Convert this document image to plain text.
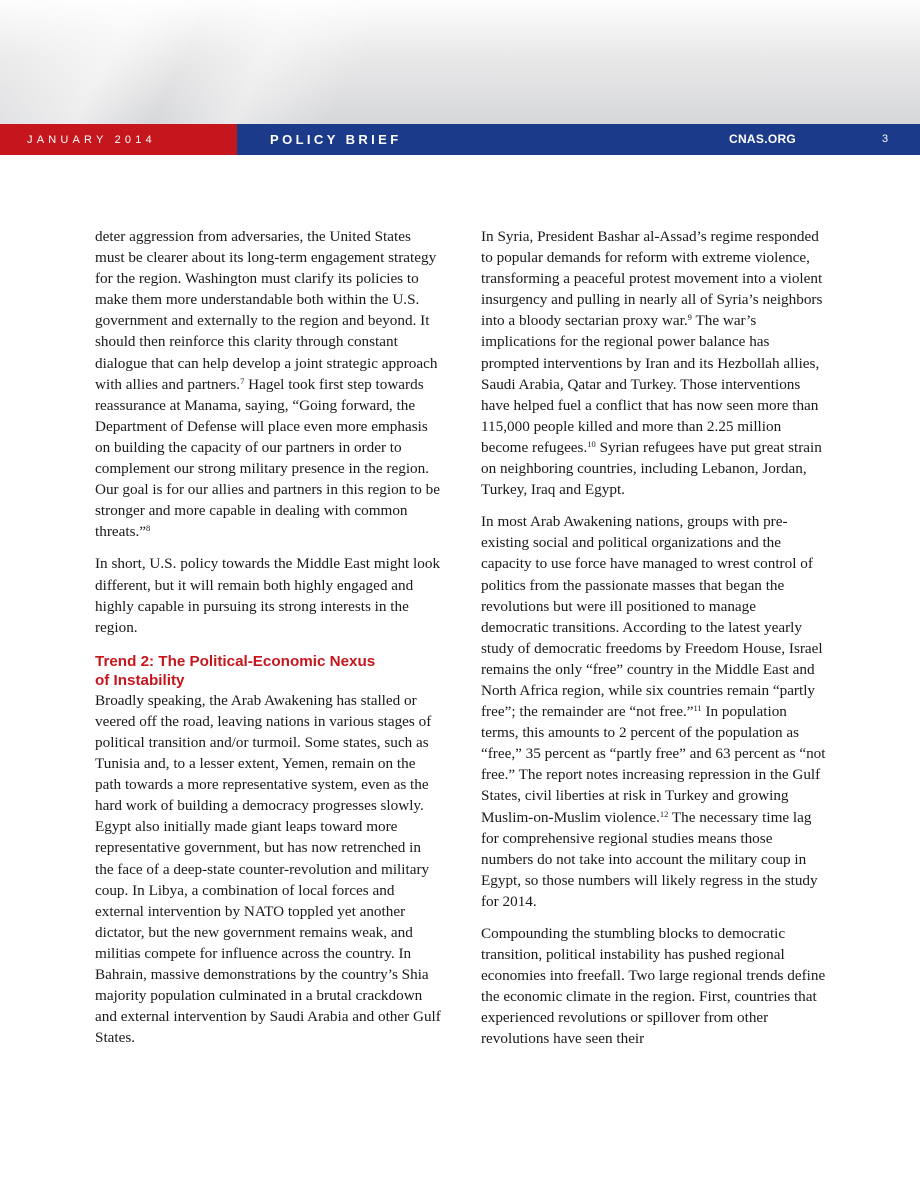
JANUARY 2014	POLICY BRIEF	CNAS.ORG	3

deter aggression from adversaries, the United States must be clearer about its long-term engagement strategy for the region. Washington must clarify its policies to make them more understandable both within the U.S. government and externally to the region and beyond. It should then reinforce this clarity through constant dialogue that can help develop a joint strategic approach with allies and partners.$^7$ Hagel took first step towards reassurance at Manama, saying, “Going forward, the Department of Defense will place even more emphasis on building the capacity of our partners in order to complement our strong military presence in the region. Our goal is for our allies and partners in this region to be stronger and more capable in dealing with common threats.”$^8$

In short, U.S. policy towards the Middle East might look different, but it will remain both highly engaged and highly capable in pursuing its strong interests in the region.

Trend 2: The Political-Economic Nexus
of Instability

Broadly speaking, the Arab Awakening has stalled or veered off the road, leaving nations in various stages of political transition and/or turmoil. Some states, such as Tunisia and, to a lesser extent, Yemen, remain on the path towards a more representative system, even as the hard work of building a democracy progresses slowly. Egypt also initially made giant leaps toward more representative government, but has now retrenched in the face of a deep-state counter-revolution and military coup. In Libya, a combination of local forces and external intervention by NATO toppled yet another dictator, but the new government remains weak, and militias compete for influence across the country. In Bahrain, massive demonstrations by the country’s Shia majority population culminated in a brutal crackdown and external intervention by Saudi Arabia and other Gulf States.

In Syria, President Bashar al-Assad’s regime responded to popular demands for reform with extreme violence, transforming a peaceful protest movement into a violent insurgency and pulling in nearly all of Syria’s neighbors into a bloody sectarian proxy war.$^9$ The war’s implications for the regional power balance has prompted interventions by Iran and its Hezbollah allies, Saudi Arabia, Qatar and Turkey. Those interventions have helped fuel a conflict that has now seen more than 115,000 people killed and more than 2.25 million become refugees.$^{10}$ Syrian refugees have put great strain on neighboring countries, including Lebanon, Jordan, Turkey, Iraq and Egypt.

In most Arab Awakening nations, groups with pre-existing social and political organizations and the capacity to use force have managed to wrest control of politics from the passionate masses that began the revolutions but were ill positioned to manage democratic transitions. According to the latest yearly study of democratic freedoms by Freedom House, Israel remains the only “free” country in the Middle East and North Africa region, while six countries remain “partly free”; the remainder are “not free.”$^{11}$ In population terms, this amounts to 2 percent of the population as “free,” 35 percent as “partly free” and 63 percent as “not free.” The report notes increasing repression in the Gulf States, civil liberties at risk in Turkey and growing Muslim-on-Muslim violence.$^{12}$ The necessary time lag for comprehensive regional studies means those numbers do not take into account the military coup in Egypt, so those numbers will likely regress in the study for 2014.

Compounding the stumbling blocks to democratic transition, political instability has pushed regional economies into freefall. Two large regional trends define the economic climate in the region. First, countries that experienced revolutions or spillover from other revolutions have seen their
